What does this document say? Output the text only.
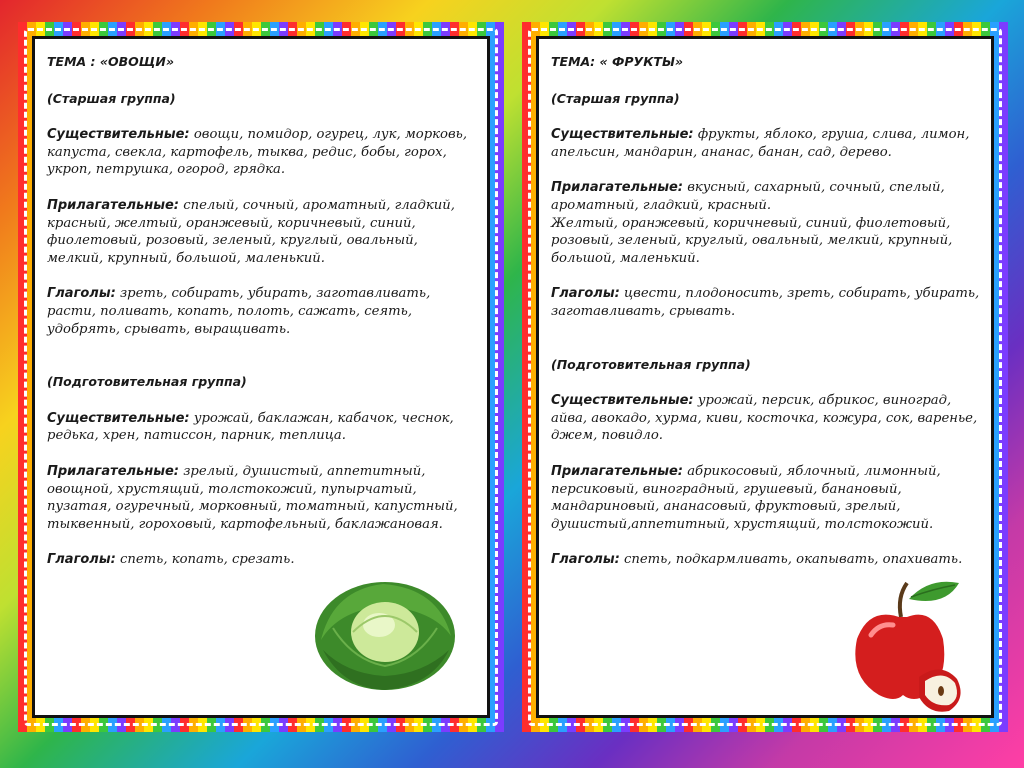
ТЕМА : «ОВОЩИ»

(Старшая группа)

Существительные: овощи, помидор, огурец, лук, морковь, капуста, свекла, картофель, тыква, редис, бобы, горох, укроп, петрушка, огород, грядка.

Прилагательные: спелый, сочный, ароматный, гладкий, красный, желтый, оранжевый, коричневый, синий, фиолетовый, розовый, зеленый, круглый, овальный, мелкий, крупный, большой, маленький.

Глаголы: зреть, собирать, убирать, заготавливать, расти, поливать, копать, полоть, сажать, сеять, удобрять, срывать, выращивать.

(Подготовительная группа)

Существительные: урожай, баклажан, кабачок, чеснок, редька, хрен, патиссон, парник, теплица.

Прилагательные: зрелый, душистый, аппетитный, овощной, хрустящий, толстокожий, пупырчатый, пузатая, огуречный, морковный, томатный, капустный, тыквенный, гороховый, картофельный, баклажановая.

Глаголы: спеть, копать, срезать.

ТЕМА: « ФРУКТЫ»

(Старшая группа)

Существительные: фрукты, яблоко, груша, слива, лимон, апельсин, мандарин, ананас, банан, сад, дерево.

Прилагательные: вкусный, сахарный, сочный, спелый, ароматный, гладкий, красный.
Желтый, оранжевый, коричневый, синий, фиолетовый, розовый, зеленый, круглый, овальный, мелкий, крупный, большой, маленький.

Глаголы: цвести, плодоносить, зреть, собирать, убирать, заготавливать, срывать.

(Подготовительная группа)

Существительные: урожай, персик, абрикос, виноград, айва, авокадо, хурма, киви, косточка, кожура, сок, варенье, джем, повидло.

Прилагательные: абрикосовый, яблочный, лимонный, персиковый, виноградный, грушевый, банановый, мандариновый, ананасовый, фруктовый, зрелый, душистый,аппетитный, хрустящий, толстокожий.

Глаголы: спеть, подкармливать, окапывать, опахивать.
